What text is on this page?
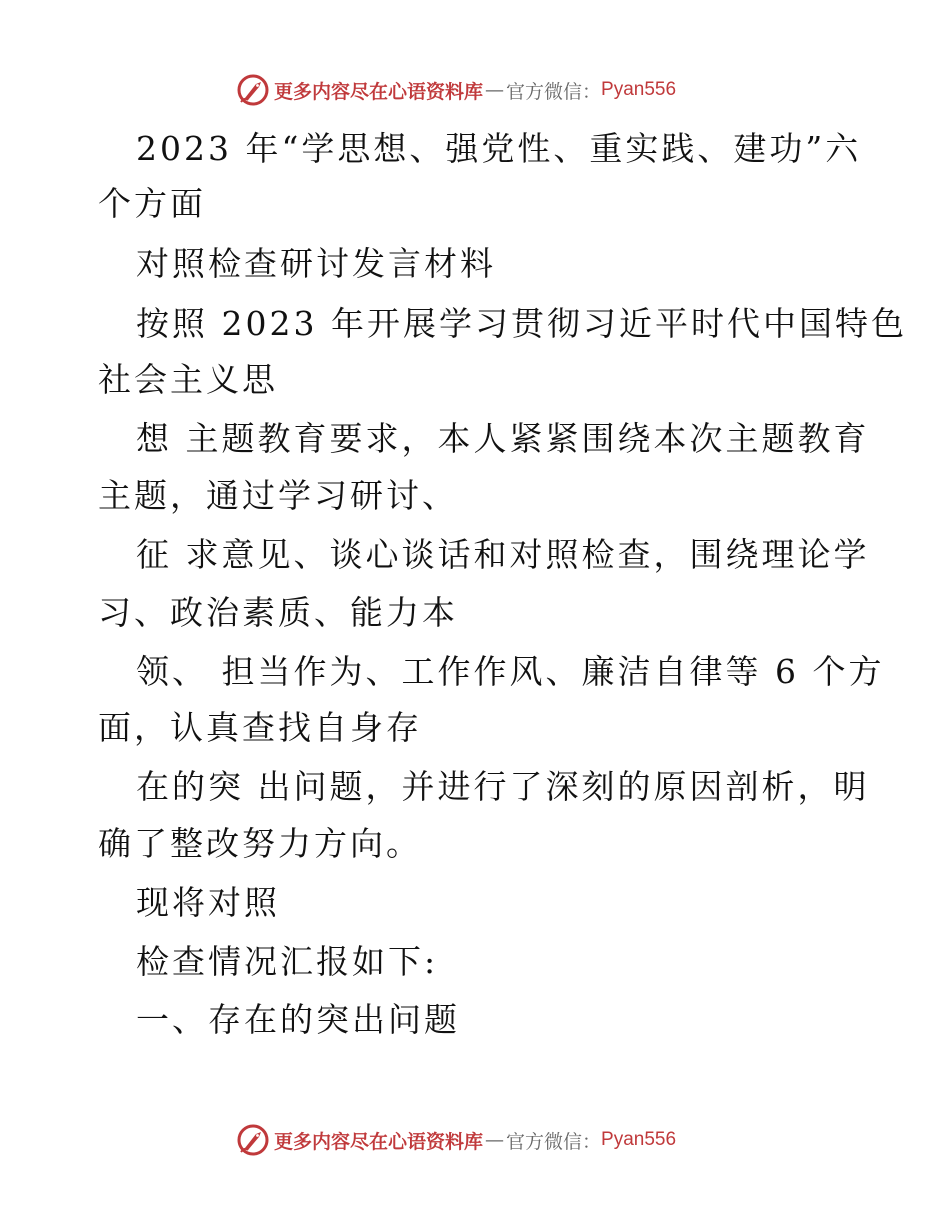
更多内容尽在心语资料库 — 官方微信： Pyan556
2023 年“学思想、强党性、重实践、建功”六
个方面
对照检查研讨发言材料
按照 2023 年开展学习贯彻习近平时代中国特色
社会主义思
想 主题教育要求，本人紧紧围绕本次主题教育
主题，通过学习研讨、
征 求意见、谈心谈话和对照检查，围绕理论学
习、政治素质、能力本
领、 担当作为、工作作风、廉洁自律等 6 个方
面，认真查找自身存
在的突 出问题，并进行了深刻的原因剖析，明
确了整改努力方向。
现将对照
检查情况汇报如下:
一、存在的突出问题
更多内容尽在心语资料库 — 官方微信： Pyan556
